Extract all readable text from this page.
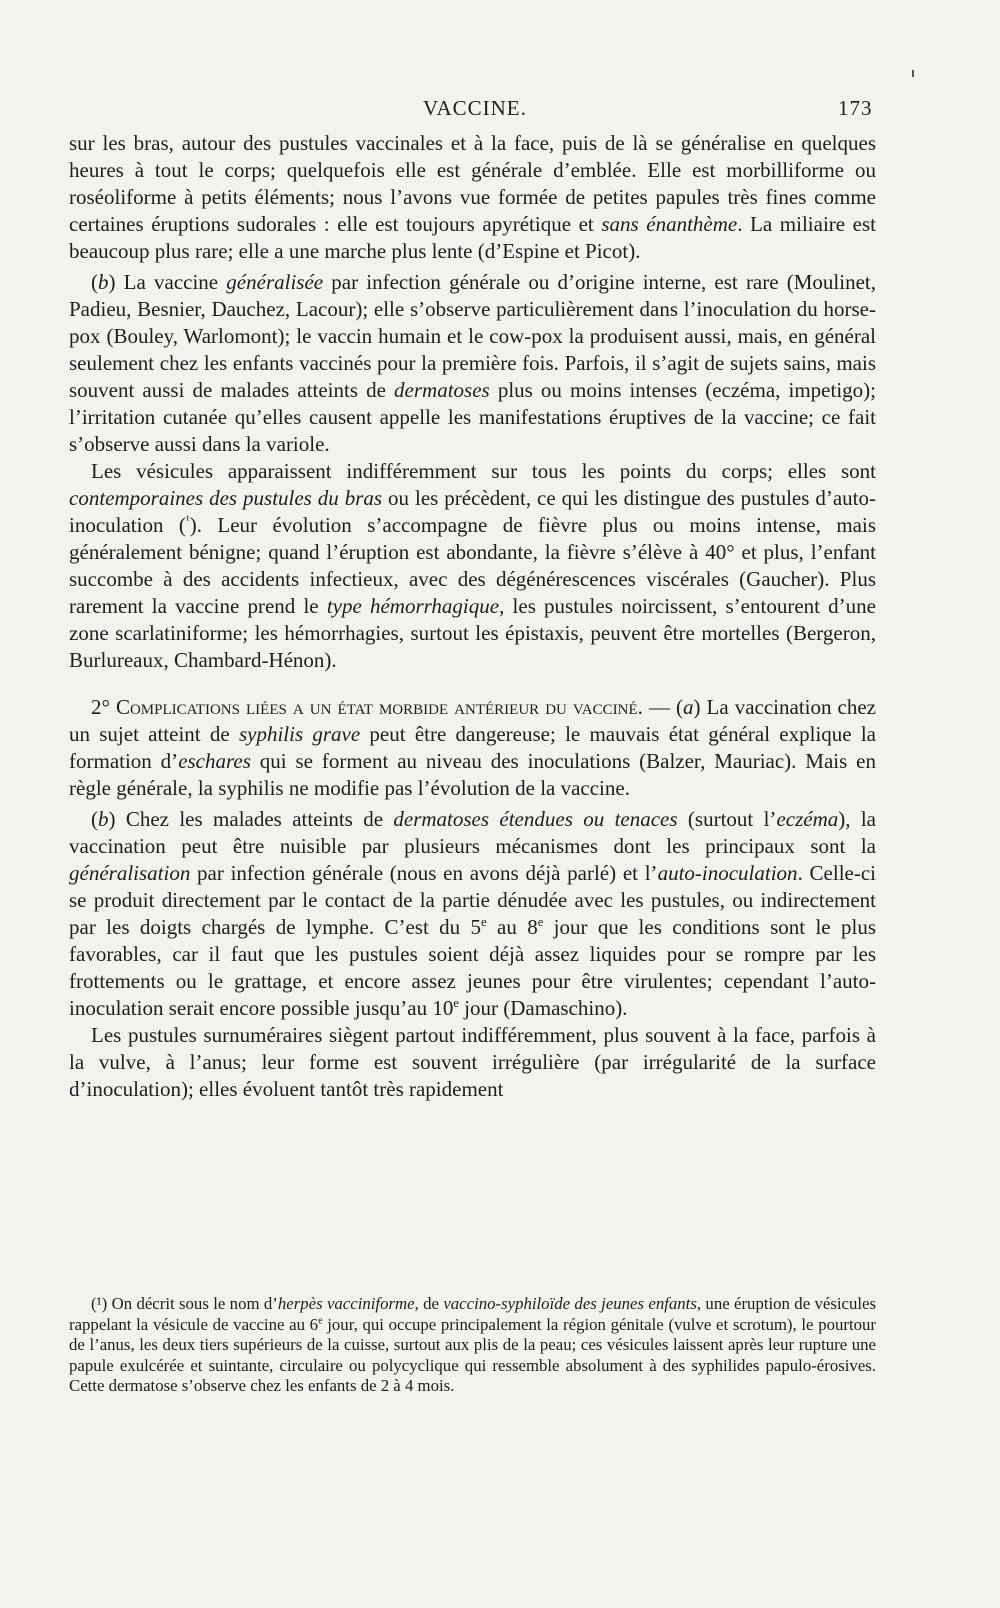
VACCINE.	173

sur les bras, autour des pustules vaccinales et à la face, puis de là se généralise en quelques heures à tout le corps; quelquefois elle est générale d’emblée. Elle est morbilliforme ou roséoliforme à petits éléments; nous l’avons vue formée de petites papules très fines comme certaines éruptions sudorales : elle est toujours apyrétique et sans énanthème. La miliaire est beaucoup plus rare; elle a une marche plus lente (d’Espine et Picot).

(b) La vaccine généralisée par infection générale ou d’origine interne, est rare (Moulinet, Padieu, Besnier, Dauchez, Lacour); elle s’observe particulièrement dans l’inoculation du horse-pox (Bouley, Warlomont); le vaccin humain et le cow-pox la produisent aussi, mais, en général seulement chez les enfants vaccinés pour la première fois. Parfois, il s’agit de sujets sains, mais souvent aussi de malades atteints de dermatoses plus ou moins intenses (eczéma, impetigo); l’irritation cutanée qu’elles causent appelle les manifestations éruptives de la vaccine; ce fait s’observe aussi dans la variole.

Les vésicules apparaissent indifféremment sur tous les points du corps; elles sont contemporaines des pustules du bras ou les précèdent, ce qui les distingue des pustules d’auto-inoculation ($^{^1}$). Leur évolution s’accompagne de fièvre plus ou moins intense, mais généralement bénigne; quand l’éruption est abondante, la fièvre s’élève à 40° et plus, l’enfant succombe à des accidents infectieux, avec des dégénérescences viscérales (Gaucher). Plus rarement la vaccine prend le type hémorrhagique, les pustules noircissent, s’entourent d’une zone scarlatiniforme; les hémorrhagies, surtout les épistaxis, peuvent être mortelles (Bergeron, Burlureaux, Chambard-Hénon).

2° Complications liées a un état morbide antérieur du vacciné. — (a) La vaccination chez un sujet atteint de syphilis grave peut être dangereuse; le mauvais état général explique la formation d’eschares qui se forment au niveau des inoculations (Balzer, Mauriac). Mais en règle générale, la syphilis ne modifie pas l’évolution de la vaccine.

(b) Chez les malades atteints de dermatoses étendues ou tenaces (surtout l’eczéma), la vaccination peut être nuisible par plusieurs mécanismes dont les principaux sont la généralisation par infection générale (nous en avons déjà parlé) et l’auto-inoculation. Celle-ci se produit directement par le contact de la partie dénudée avec les pustules, ou indirectement par les doigts chargés de lymphe. C’est du 5e au 8e jour que les conditions sont le plus favorables, car il faut que les pustules soient déjà assez liquides pour se rompre par les frottements ou le grattage, et encore assez jeunes pour être virulentes; cependant l’auto-inoculation serait encore possible jusqu’au 10e jour (Damaschino).

Les pustules surnuméraires siègent partout indifféremment, plus souvent à la face, parfois à la vulve, à l’anus; leur forme est souvent irrégulière (par irrégularité de la surface d’inoculation); elles évoluent tantôt très rapidement

(¹) On décrit sous le nom d’herpès vacciniforme, de vaccino-syphiloïde des jeunes enfants, une éruption de vésicules rappelant la vésicule de vaccine au 6e jour, qui occupe principalement la région génitale (vulve et scrotum), le pourtour de l’anus, les deux tiers supérieurs de la cuisse, surtout aux plis de la peau; ces vésicules laissent après leur rupture une papule exulcérée et suintante, circulaire ou polycyclique qui ressemble absolument à des syphilides papulo-érosives. Cette dermatose s’observe chez les enfants de 2 à 4 mois.
